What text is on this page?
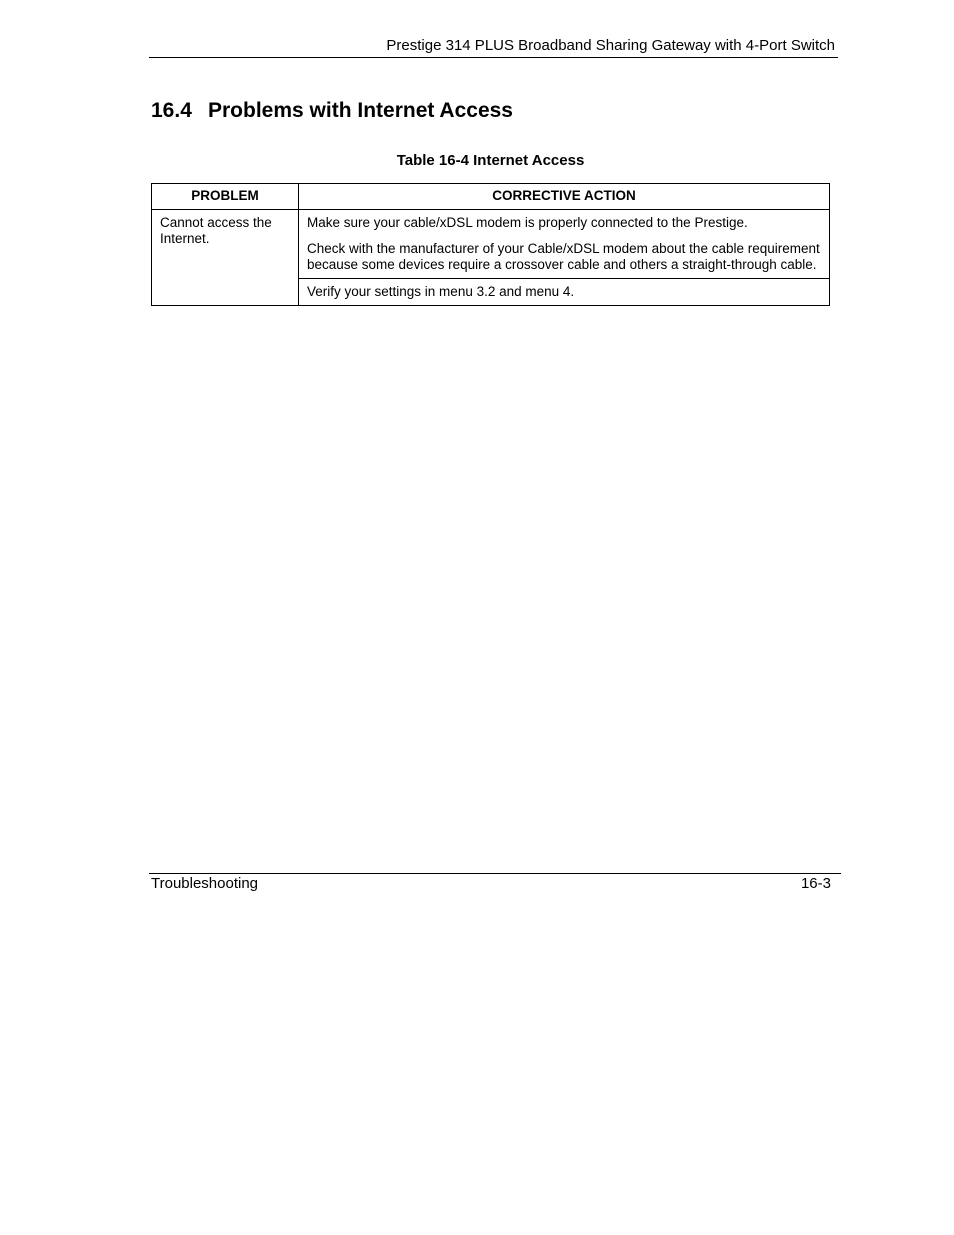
Prestige 314 PLUS Broadband Sharing Gateway with 4-Port Switch
16.4 Problems with Internet Access
Table 16-4 Internet Access
PROBLEM	CORRECTIVE ACTION
Cannot access the Internet.	Make sure your cable/xDSL modem is properly connected to the Prestige.

Check with the manufacturer of your Cable/xDSL modem about the cable requirement because some devices require a crossover cable and others a straight-through cable.

	Verify your settings in menu 3.2 and menu 4.

Troubleshooting	16-3
